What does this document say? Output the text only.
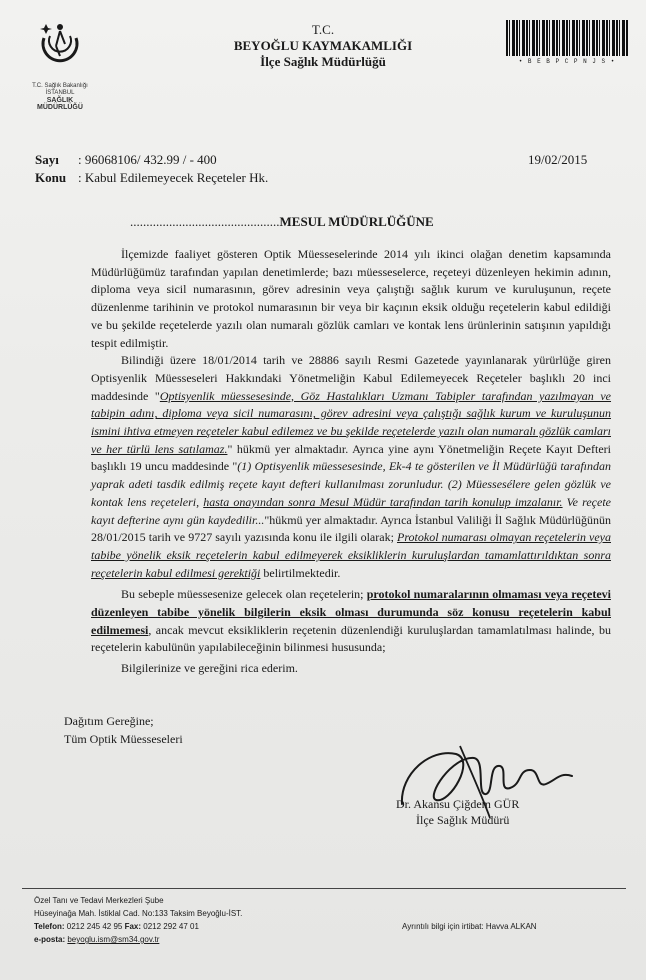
T.C. Sağlık Bakanlığı
İSTANBUL
SAĞLIK
MÜDÜRLÜĞÜ
T.C.
BEYOĞLU KAYMAKAMLIĞI
İlçe Sağlık Müdürlüğü	• B E B P C P N J S •
Sayı : 96068106/ 432.99 / - 400	19/02/2015
Konu : Kabul Edilemeyecek Reçeteler Hk.
..............................................MESUL MÜDÜRLÜĞÜNE

İlçemizde faaliyet gösteren Optik Müesseselerinde 2014 yılı ikinci olağan denetim kapsamında Müdürlüğümüz tarafından yapılan denetimlerde; bazı müesseselerce, reçeteyi düzenleyen hekimin adının, diploma veya sicil numarasının, görev adresinin veya çalıştığı sağlık kurum ve kuruluşunun, reçete düzenlenme tarihinin ve protokol numarasının bir veya bir kaçının eksik olduğu reçetelerin kabul edildiği ve bu şekilde reçetelerde yazılı olan numaralı gözlük camları ve kontak lens ürünlerinin satışının yapıldığı tespit edilmiştir.

Bilindiği üzere 18/01/2014 tarih ve 28886 sayılı Resmi Gazetede yayınlanarak yürürlüğe giren Optisyenlik Müesseseleri Hakkındaki Yönetmeliğin Kabul Edilemeyecek Reçeteler başlıklı 20 inci maddesinde "Optisyenlik müessesesinde, Göz Hastalıkları Uzmanı Tabipler tarafından yazılmayan ve tabipin adını, diploma veya sicil numarasını, görev adresini veya çalıştığı sağlık kurum ve kuruluşunun ismini ihtiva etmeyen reçeteler kabul edilemez ve bu şekilde reçetelerde yazılı olan numaralı gözlük camları ve her türlü lens satılamaz." hükmü yer almaktadır. Ayrıca yine aynı Yönetmeliğin Reçete Kayıt Defteri başlıklı 19 uncu maddesinde "(1) Optisyenlik müessesesinde, Ek-4 te gösterilen ve İl Müdürlüğü tarafından yaprak adeti tasdik edilmiş reçete kayıt defteri kullanılması zorunludur. (2) Müessesélere gelen gözlük ve kontak lens reçeteleri, hasta onayından sonra Mesul Müdür tarafından tarih konulup imzalanır. Ve reçete kayıt defterine aynı gün kaydedilir..."hükmü yer almaktadır. Ayrıca İstanbul Valiliği İl Sağlık Müdürlüğünün 28/01/2015 tarih ve 9727 sayılı yazısında konu ile ilgili olarak; Protokol numarası olmayan reçetelerin veya tabibe yönelik eksik reçetelerin kabul edilmeyerek eksikliklerin kuruluşlardan tamamlattırıldıktan sonra reçetelerin kabul edilmesi gerektiği belirtilmektedir.

Bu sebeple müessesenize gelecek olan reçetelerin; protokol numaralarının olmaması veya reçetevi düzenleyen tabibe yönelik bilgilerin eksik olması durumunda söz konusu reçetelerin kabul edilmemesi, ancak mevcut eksikliklerin reçetenin düzenlendiği kuruluşlardan tamamlatılması halinde, bu reçetelerin kabulünün yapılabileceğinin bilinmesi hususunda;

Bilgilerinize ve gereğini rica ederim.

Dağıtım Gereğine;
Tüm Optik Müesseseleri
Dr. Akansu Çiğdem GÜR
İlçe Sağlık Müdürü
Özel Tanı ve Tedavi Merkezleri Şube
Hüseyinağa Mah. İstiklal Cad. No:133 Taksim Beyoğlu-İST.
Telefon: 0212 245 42 95 Fax: 0212 292 47 01
e-posta: beyoglu.ism@sm34.gov.tr
Ayrıntılı bilgi için irtibat: Havva ALKAN
